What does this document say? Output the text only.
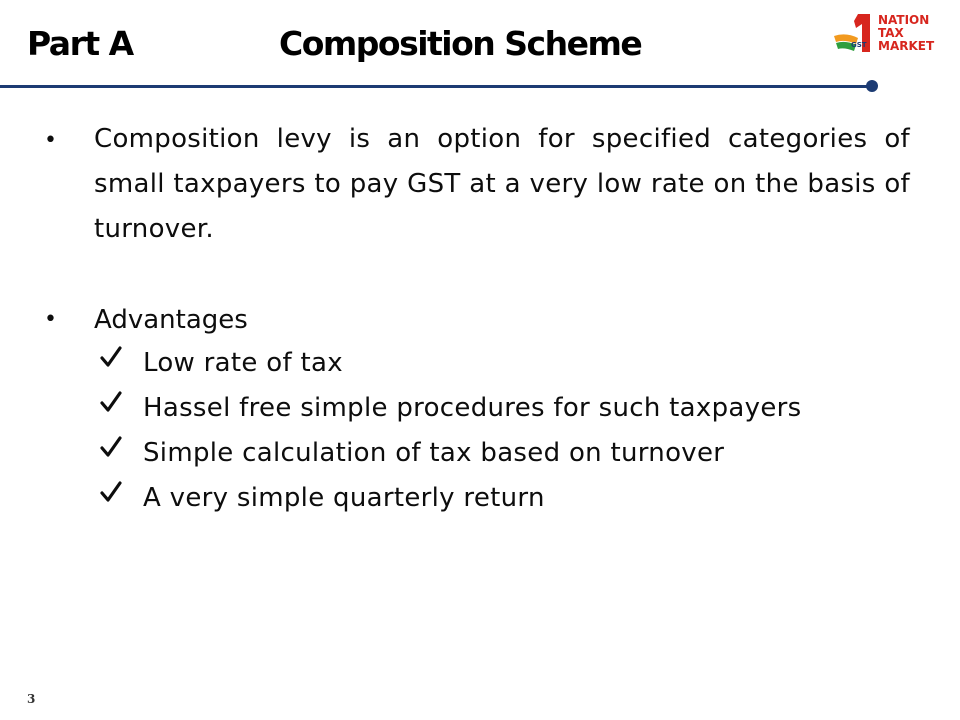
Part A	Composition Scheme	GST
NATION
TAX
MARKET
• Composition levy is an option for specified categories of small taxpayers to pay GST at a very low rate on the basis of turnover.
• Advantages
Low rate of tax
Hassel free simple procedures for such taxpayers
Simple calculation of tax based on turnover
A very simple quarterly return
3
